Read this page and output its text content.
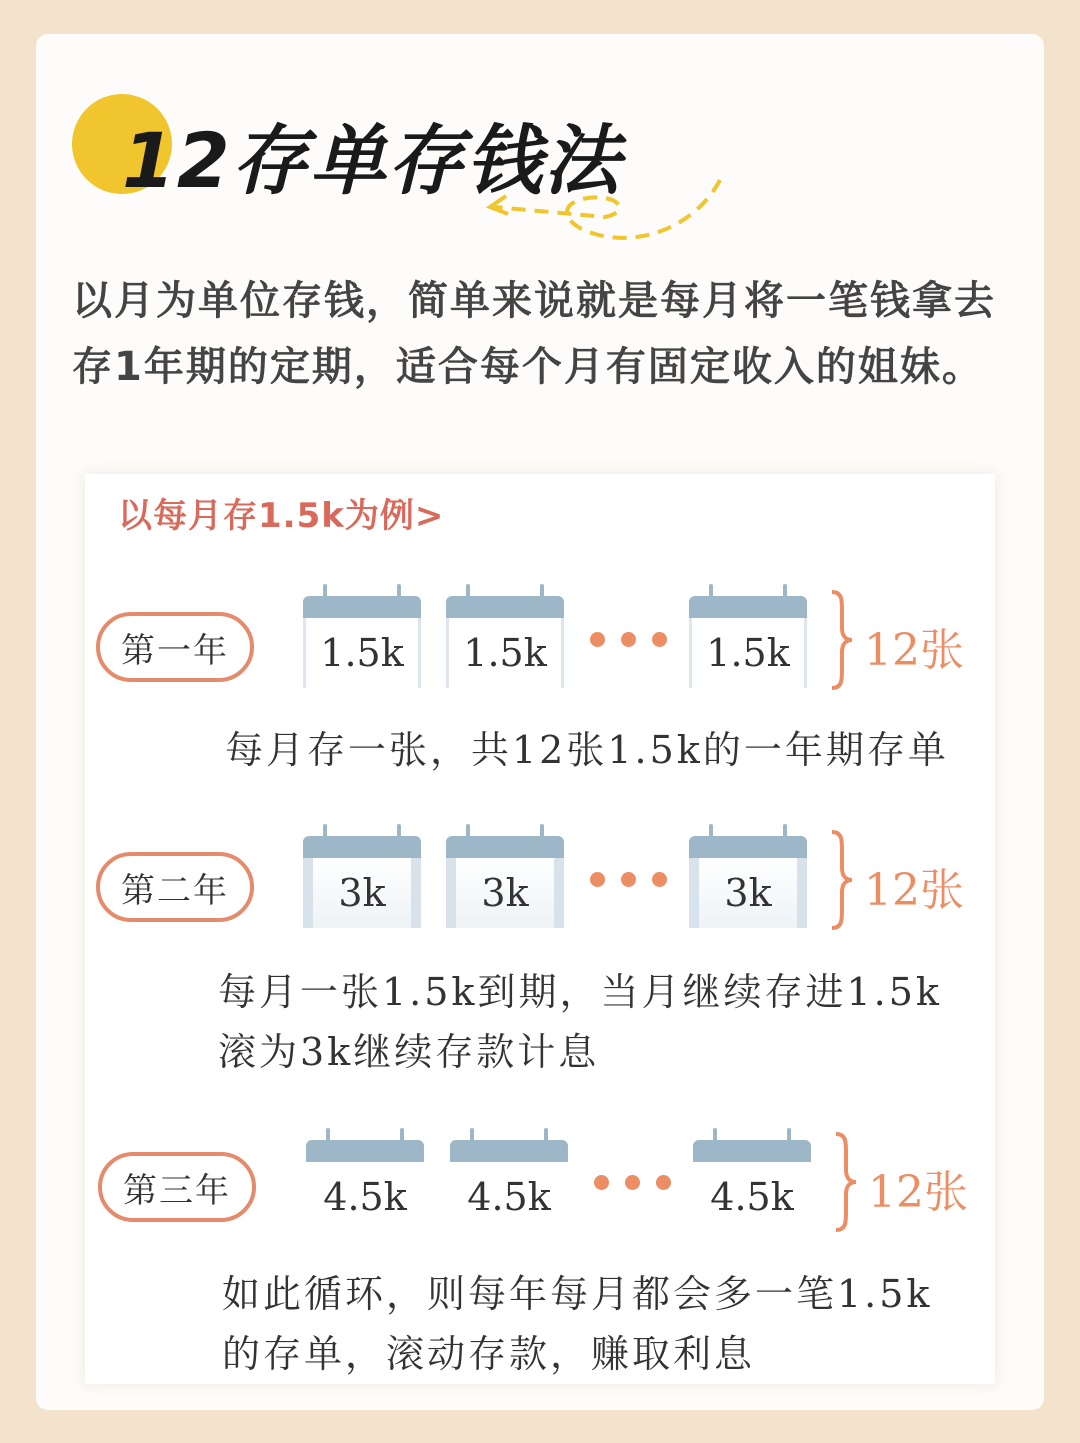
12存单存钱法

以月为单位存钱，简单来说就是每月将一笔钱拿去存1年期的定期，适合每个月有固定收入的姐妹。

以每月存1.5k为例>
第一年	1.5k	1.5k	1.5k	12张

每月存一张，共12张1.5k的一年期存单

第二年	3k	3k	3k	12张

每月一张1.5k到期，当月继续存进1.5k

滚为3k继续存款计息

第三年	4.5k	4.5k	4.5k	12张

如此循环，则每年每月都会多一笔1.5k

的存单，滚动存款，赚取利息
